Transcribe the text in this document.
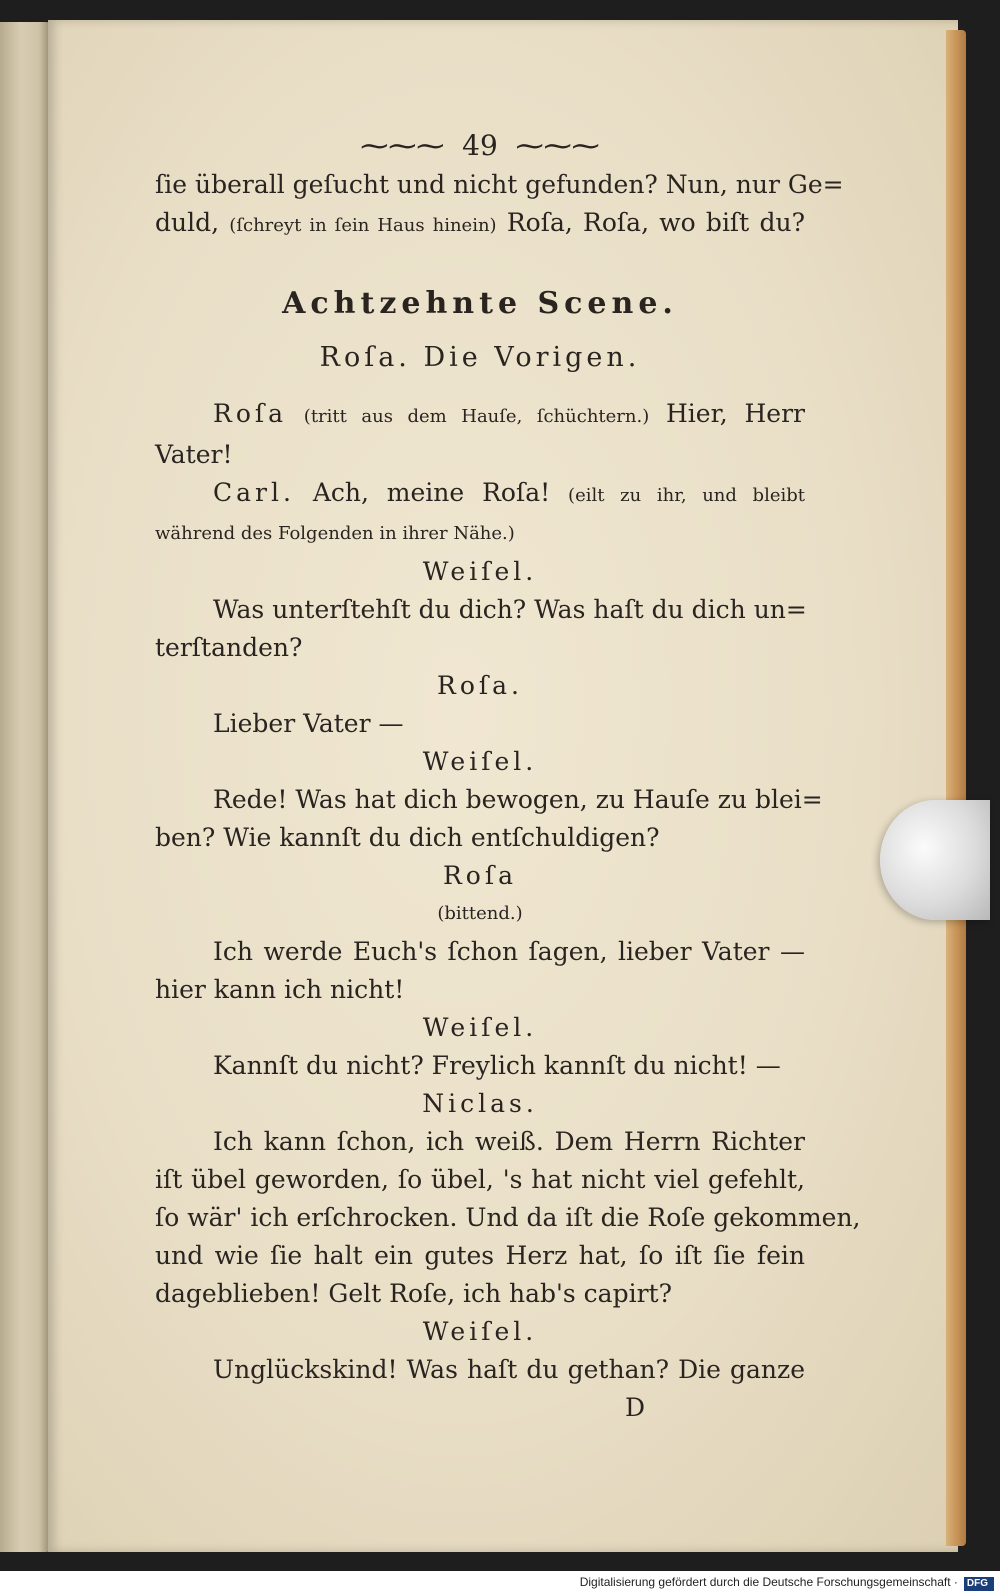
⁓⁓⁓ 49 ⁓⁓⁓
ſie überall geſucht und nicht gefunden? Nun, nur Ge=
duld, (ſchreyt in ſein Haus hinein) Roſa, Roſa, wo biſt du?
Achtzehnte Scene.
Roſa. Die Vorigen.
Roſa (tritt aus dem Hauſe, ſchüchtern.) Hier, Herr
Vater!
Carl. Ach, meine Roſa! (eilt zu ihr, und bleibt
während des Folgenden in ihrer Nähe.)
Weiſel.
Was unterſtehſt du dich? Was haſt du dich un=
terſtanden?
Roſa.
Lieber Vater —
Weiſel.
Rede! Was hat dich bewogen, zu Hauſe zu blei=
ben? Wie kannſt du dich entſchuldigen?
Roſa
(bittend.)
Ich werde Euch's ſchon ſagen, lieber Vater —
hier kann ich nicht!
Weiſel.
Kannſt du nicht? Freylich kannſt du nicht! —
Niclas.
Ich kann ſchon, ich weiß. Dem Herrn Richter
iſt übel geworden, ſo übel, 's hat nicht viel gefehlt,
ſo wär' ich erſchrocken. Und da iſt die Roſe gekommen,
und wie ſie halt ein gutes Herz hat, ſo iſt ſie fein
dageblieben! Gelt Roſe, ich hab's capirt?
Weiſel.
Unglückskind! Was haſt du gethan? Die ganze
D
Digitalisierung gefördert durch die Deutsche Forschungsgemeinschaft · DFG
